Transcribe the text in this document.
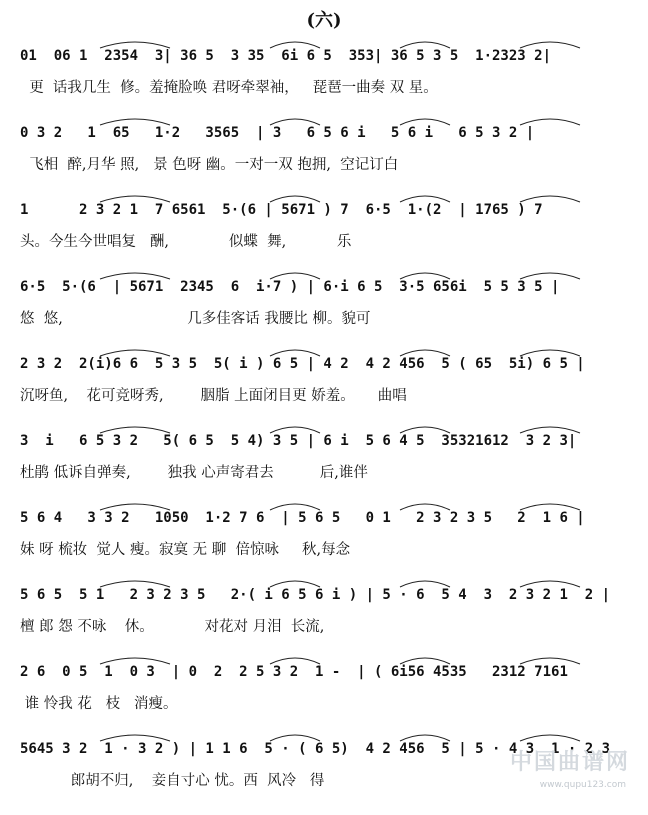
(六)
01  06 1  2354  3| 36 5  3 35  6i 6 5  353| 36 5 3 5  1·2323 2|
更  话我几生  修。羞掩脸唤 君呀牵翠袖，   琵琶一曲奏 双 星。
0 3 2   1  65   1·2   3565  | 3   6 5 6 i   5 6 i   6 5 3 2 |
飞相  醉,月华 照,   景 色呀 幽。一对一双 抱拥,  空记订白
1      2 3 2 1  7 6561  5·(6 | 5671 ) 7  6·5  1·(2  | 1765 ) 7
头。今生今世唱复   酬,             似蝶  舞,           乐
6·5  5·(6  | 5671  2345  6  i·7 ) | 6·i 6 5  3·5 656i  5 5 3 5 |
悠  悠,                           几多佳客话 我腰比 柳。貌可
2 3 2  2(i)6 6  5 3 5  5( i ) 6 5 | 4 2  4 2 456  5 ( 65  5i) 6 5 |
沉呀鱼,    花可竞呀秀,        胭脂 上面闭目更 娇羞。     曲唱
3  i   6 5 3 2   5( 6 5  5 4) 3 5 | 6 i  5 6 4 5  35321612  3 2 3|
杜鹃 低诉自弹奏,        独我 心声寄君去          后,谁伴
5 6 4   3 3 2   1050  1·2 7 6  | 5 6 5   0 1   2 3 2 3 5   2  1 6 |
妹 呀 梳妆  觉人 瘦。寂寞 无 聊  倍惊咏     秋,每念
5 6 5  5 1   2 3 2 3 5   2·( i 6 5 6 i ) | 5 · 6  5 4  3  2 3 2 1  2 |
檀 郎 怨 不咏    休。           对花对 月泪  长流,
2 6  0 5  1  0 3  | 0  2  2 5 3 2  1 -  | ( 6i56 4535   2312 7161
谁 怜我 花   枝   消瘦。
5645 3 2  1 · 3 2 ) | 1 1 6  5 · ( 6 5)  4 2 456  5 | 5 · 4 3  1 · 2 3
郎胡不归,    妾自寸心 忧。西  风冷   得
中国曲谱网
www.qupu123.com
